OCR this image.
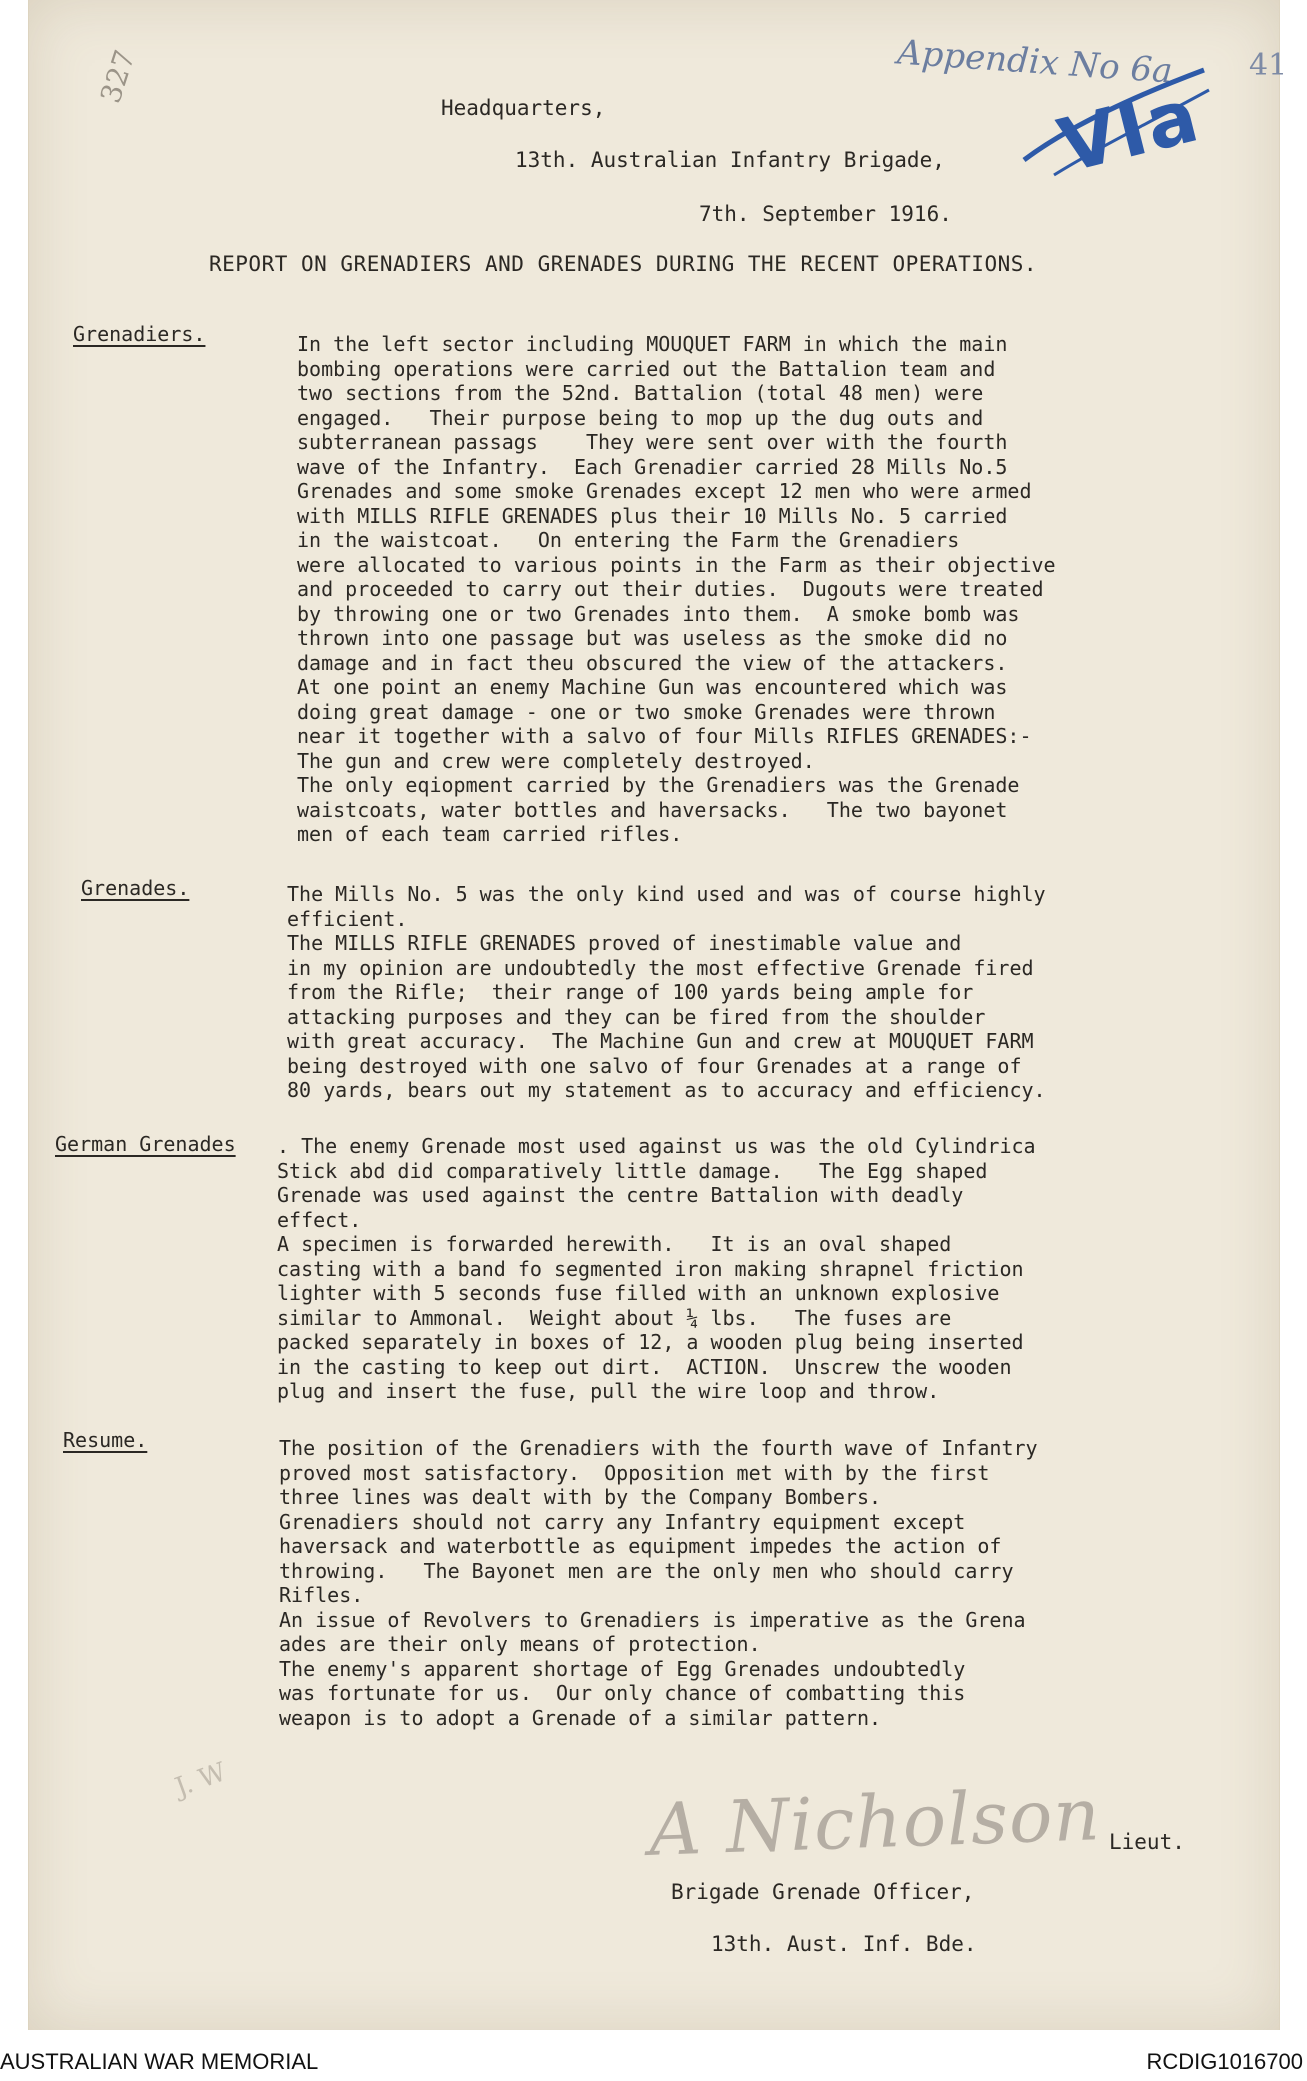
Appendix No 6a	41
VIa
327
Headquarters,
13th. Australian Infantry Brigade,
7th. September 1916.
REPORT ON GRENADIERS AND GRENADES DURING THE RECENT OPERATIONS.
Grenadiers.	In the left sector including MOUQUET FARM in which the main
bombing operations were carried out the Battalion team and
two sections from the 52nd. Battalion (total 48 men) were
engaged.   Their purpose being to mop up the dug outs and
subterranean passags    They were sent over with the fourth
wave of the Infantry.  Each Grenadier carried 28 Mills No.5
Grenades and some smoke Grenades except 12 men who were armed
with MILLS RIFLE GRENADES plus their 10 Mills No. 5 carried
in the waistcoat.   On entering the Farm the Grenadiers
were allocated to various points in the Farm as their objective
and proceeded to carry out their duties.  Dugouts were treated
by throwing one or two Grenades into them.  A smoke bomb was
thrown into one passage but was useless as the smoke did no
damage and in fact theu obscured the view of the attackers.
At one point an enemy Machine Gun was encountered which was
doing great damage - one or two smoke Grenades were thrown
near it together with a salvo of four Mills RIFLES GRENADES:-
The gun and crew were completely destroyed.
The only eqiopment carried by the Grenadiers was the Grenade
waistcoats, water bottles and haversacks.   The two bayonet
men of each team carried rifles.
Grenades.	The Mills No. 5 was the only kind used and was of course highly
efficient.
The MILLS RIFLE GRENADES proved of inestimable value and
in my opinion are undoubtedly the most effective Grenade fired
from the Rifle;  their range of 100 yards being ample for
attacking purposes and they can be fired from the shoulder
with great accuracy.  The Machine Gun and crew at MOUQUET FARM
being destroyed with one salvo of four Grenades at a range of
80 yards, bears out my statement as to accuracy and efficiency.
German Grenades . The enemy Grenade most used against us was the old Cylindrica
Stick abd did comparatively little damage.   The Egg shaped
Grenade was used against the centre Battalion with deadly
effect.
A specimen is forwarded herewith.   It is an oval shaped
casting with a band fo segmented iron making shrapnel friction
lighter with 5 seconds fuse filled with an unknown explosive
similar to Ammonal.  Weight about ¼ lbs.   The fuses are
packed separately in boxes of 12, a wooden plug being inserted
in the casting to keep out dirt.  ACTION.  Unscrew the wooden
plug and insert the fuse, pull the wire loop and throw.
Resume.	The position of the Grenadiers with the fourth wave of Infantry
proved most satisfactory.  Opposition met with by the first
three lines was dealt with by the Company Bombers.
Grenadiers should not carry any Infantry equipment except
haversack and waterbottle as equipment impedes the action of
throwing.   The Bayonet men are the only men who should carry
Rifles.
An issue of Revolvers to Grenadiers is imperative as the Grena
ades are their only means of protection.
The enemy's apparent shortage of Egg Grenades undoubtedly
was fortunate for us.  Our only chance of combatting this
weapon is to adopt a Grenade of a similar pattern.
J. W	A Nicholson Lieut.
Brigade Grenade Officer,
13th. Aust. Inf. Bde.
AUSTRALIAN WAR MEMORIAL	RCDIG1016700
